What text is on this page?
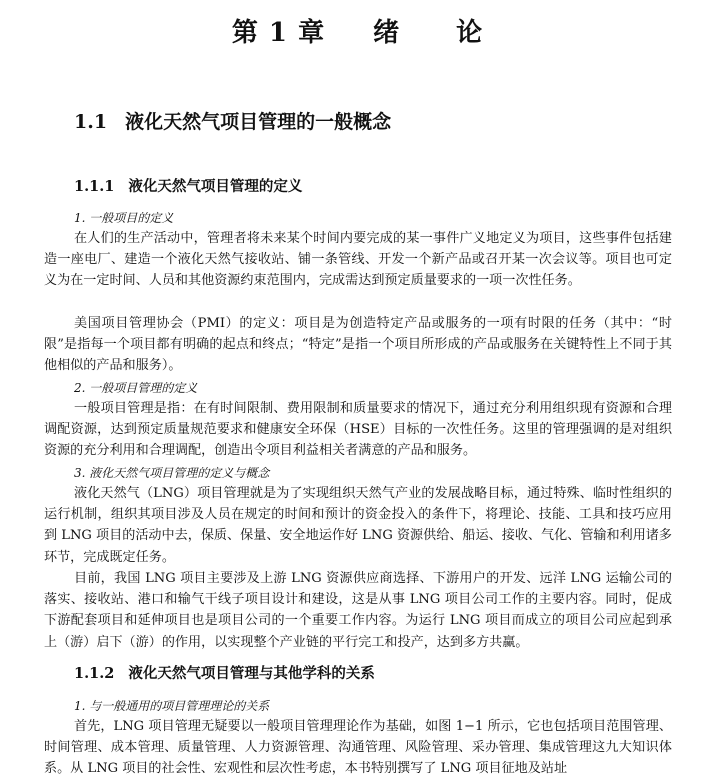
第 1 章 绪 论
1.1 液化天然气项目管理的一般概念
1.1.1 液化天然气项目管理的定义
1. 一般项目的定义

在人们的生产活动中，管理者将未来某个时间内要完成的某一事件广义地定义为项目，这些事件包括建造一座电厂、建造一个液化天然气接收站、铺一条管线、开发一个新产品或召开某一次会议等。项目也可定义为在一定时间、人员和其他资源约束范围内，完成需达到预定质量要求的一项一次性任务。

美国项目管理协会（PMI）的定义：项目是为创造特定产品或服务的一项有时限的任务（其中：“时限”是指每一个项目都有明确的起点和终点；“特定”是指一个项目所形成的产品或服务在关键特性上不同于其他相似的产品和服务）。

2. 一般项目管理的定义

一般项目管理是指：在有时间限制、费用限制和质量要求的情况下，通过充分利用组织现有资源和合理调配资源，达到预定质量规范要求和健康安全环保（HSE）目标的一次性任务。这里的管理强调的是对组织资源的充分利用和合理调配，创造出令项目利益相关者满意的产品和服务。

3. 液化天然气项目管理的定义与概念

液化天然气（LNG）项目管理就是为了实现组织天然气产业的发展战略目标，通过特殊、临时性组织的运行机制，组织其项目涉及人员在规定的时间和预计的资金投入的条件下，将理论、技能、工具和技巧应用到 LNG 项目的活动中去，保质、保量、安全地运作好 LNG 资源供给、船运、接收、气化、管输和利用诸多环节，完成既定任务。

目前，我国 LNG 项目主要涉及上游 LNG 资源供应商选择、下游用户的开发、远洋 LNG 运输公司的落实、接收站、港口和输气干线子项目设计和建设，这是从事 LNG 项目公司工作的主要内容。同时，促成下游配套项目和延伸项目也是项目公司的一个重要工作内容。为运行 LNG 项目而成立的项目公司应起到承上（游）启下（游）的作用，以实现整个产业链的平行完工和投产，达到多方共赢。

1.1.2 液化天然气项目管理与其他学科的关系
1. 与一般通用的项目管理理论的关系

首先，LNG 项目管理无疑要以一般项目管理理论作为基础，如图 1−1 所示，它也包括项目范围管理、时间管理、成本管理、质量管理、人力资源管理、沟通管理、风险管理、采办管理、集成管理这九大知识体系。从 LNG 项目的社会性、宏观性和层次性考虑，本书特别撰写了 LNG 项目征地及站址
